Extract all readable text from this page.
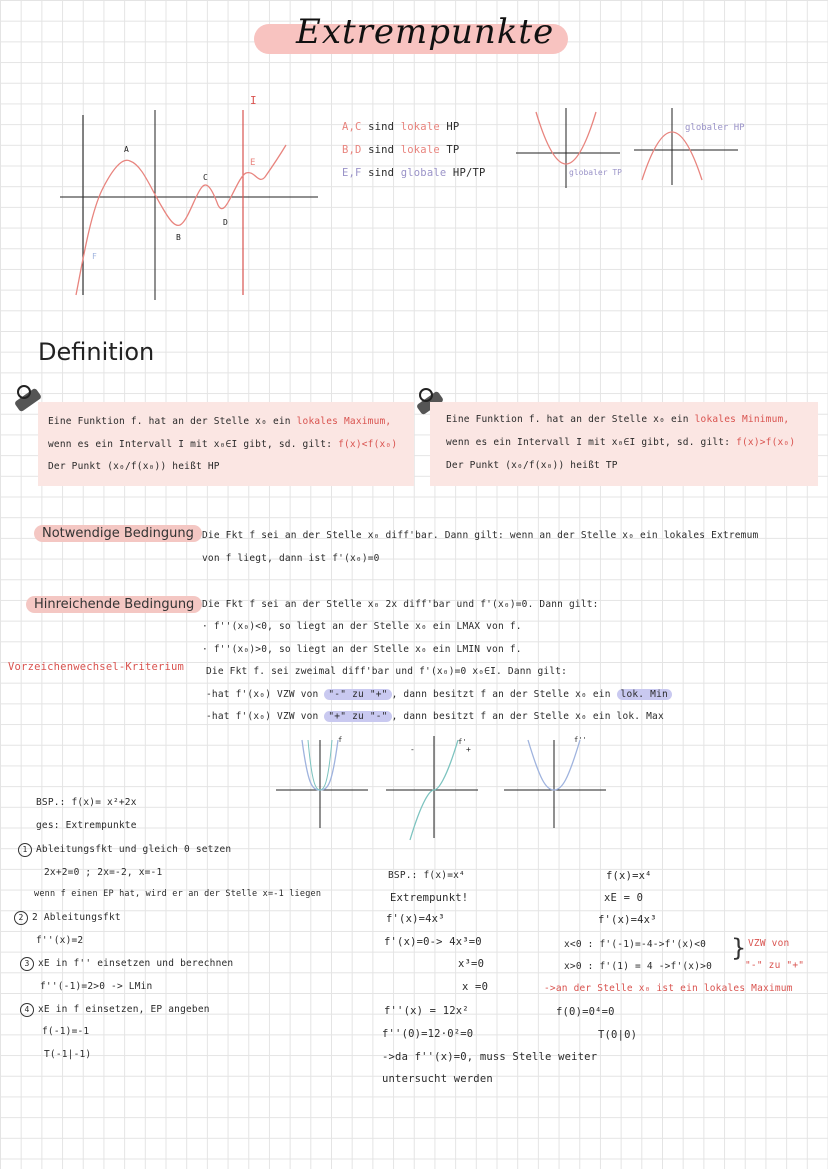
Extrempunkte
A
B
C
D
E
F
I
A,C sind lokale HP
B,D sind lokale TP
E,F sind globale HP/TP	globaler TP
globaler HP
Definition
Eine Funktion f. hat an der Stelle x₀ ein lokales Maximum,
wenn es ein Intervall I mit x₀∈I gibt, sd. gilt: f(x)<f(x₀)
Der Punkt (x₀/f(x₀)) heißt HP
Eine Funktion f. hat an der Stelle x₀ ein lokales Minimum,
wenn es ein Intervall I mit x₀∈I gibt, sd. gilt: f(x)>f(x₀)
Der Punkt (x₀/f(x₀)) heißt TP
Notwendige Bedingung Die Fkt f sei an der Stelle x₀ diff'bar. Dann gilt: wenn an der Stelle x₀ ein lokales Extremum
von f liegt, dann ist f'(x₀)=0
Hinreichende Bedingung Die Fkt f sei an der Stelle x₀ 2x diff'bar und f'(x₀)=0. Dann gilt:
· f''(x₀)<0, so liegt an der Stelle x₀ ein LMAX von f.
· f''(x₀)>0, so liegt an der Stelle x₀ ein LMIN von f.
Vorzeichenwechsel-Kriterium Die Fkt f. sei zweimal diff'bar und f'(x₀)=0 x₀∈I. Dann gilt:
-hat f'(x₀) VZW von "-" zu "+" , dann besitzt f an der Stelle x₀ ein lok. Min
-hat f'(x₀) VZW von "+" zu "-" , dann besitzt f an der Stelle x₀ ein lok. Max
f
-
f'
+
f''
BSP.: f(x)= x²+2x
ges: Extrempunkte
1 Ableitungsfkt und gleich 0 setzen
2x+2=0 ; 2x=-2, x=-1
wenn f einen EP hat, wird er an der Stelle x=-1 liegen
2 2 Ableitungsfkt
f''(x)=2
3 xE in f'' einsetzen und berechnen
f''(-1)=2>0 -> LMin
4 xE in f einsetzen, EP angeben
f(-1)=-1
T(-1|-1)
BSP.: f(x)=x⁴
Extrempunkt!
f'(x)=4x³
f'(x)=0-> 4x³=0
x³=0
x =0
f''(x) = 12x²
f''(0)=12·0²=0
->da f''(x)=0, muss Stelle weiter
untersucht werden
f(x)=x⁴
xE = 0
f'(x)=4x³
x<0 : f'(-1)=-4->f'(x)<0
x>0 : f'(1) = 4 ->f'(x)>0
} VZW von
"-" zu "+"
->an der Stelle x₀ ist ein lokales Maximum
f(0)=0⁴=0
T(0|0)
